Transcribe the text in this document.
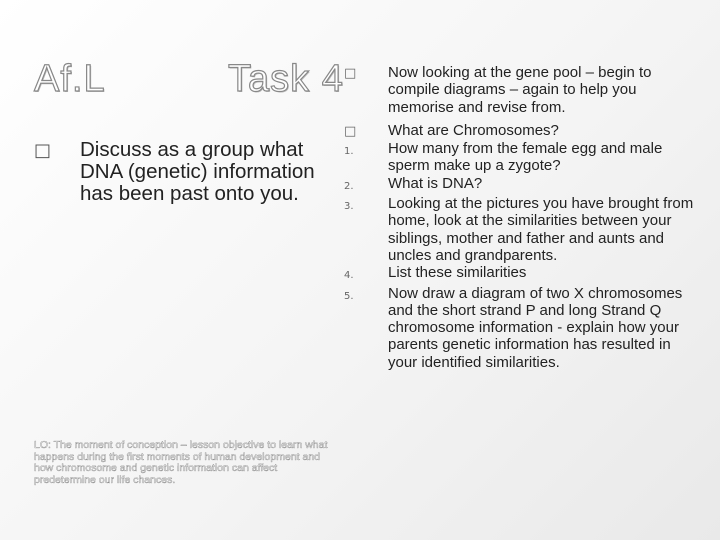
Af.L	Task 4
□ Discuss as a group what DNA (genetic) information has been past onto you.
LO: The moment of conception – lesson objective to learn what happens during the first moments of human development and how chromosome and genetic information can affect predetermine our life chances.
□	Now looking at the gene pool – begin to compile diagrams – again to help you memorise and revise from.
□	What are Chromosomes?
1.	How many from the female egg and male sperm make up a zygote?
2.	What is DNA?
3.	Looking at the pictures you have brought from home, look at the similarities between your siblings, mother and father and aunts and uncles and grandparents.
4.	List these similarities
5.	Now draw a diagram of two X chromosomes and the short strand P and long Strand Q chromosome information - explain how your parents genetic information has resulted in your identified similarities.
